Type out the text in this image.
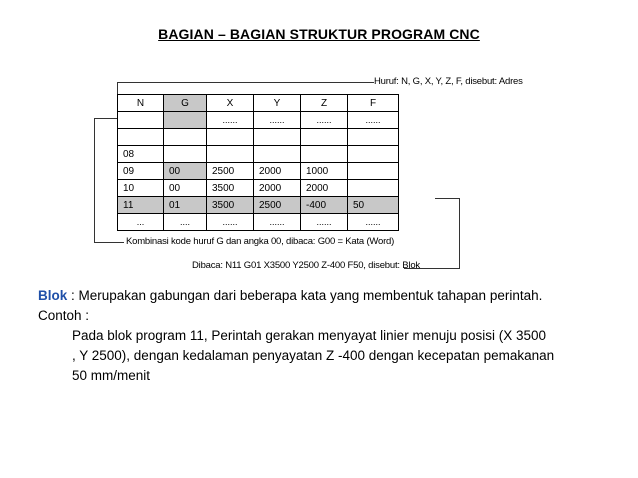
BAGIAN – BAGIAN STRUKTUR PROGRAM CNC
N	G	X	Y	Z	F
		......	......	......	......

08					
09	00	2500	2000	1000	
10	00	3500	2000	2000	
11	01	3500	2500	-400	50
...	....	......	......	......	......
Huruf: N, G, X, Y, Z, F, disebut: Adres
Kombinasi kode huruf G dan angka 00, dibaca: G00 = Kata (Word)
Dibaca: N11 G01 X3500 Y2500 Z-400 F50, disebut: Blok
Blok : Merupakan gabungan dari beberapa kata yang membentuk tahapan perintah.
Contoh :
Pada blok program 11, Perintah gerakan menyayat linier menuju posisi (X 3500
, Y 2500), dengan kedalaman penyayatan Z -400 dengan kecepatan pemakanan
50 mm/menit
